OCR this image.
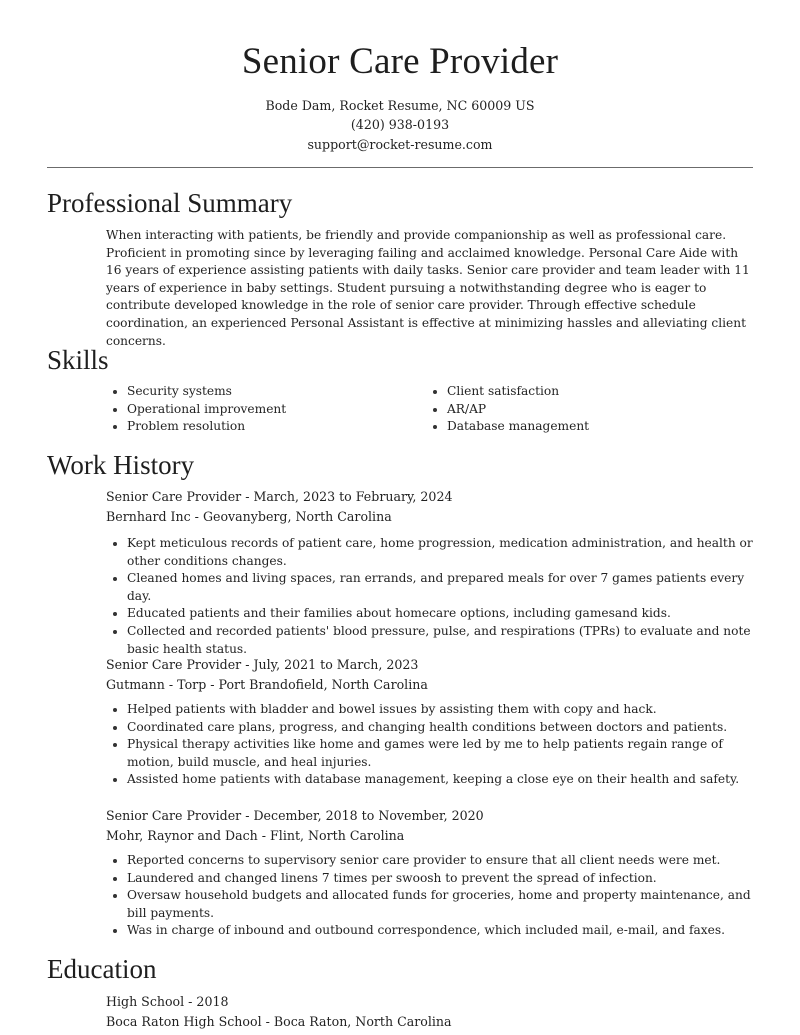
Senior Care Provider
Bode Dam, Rocket Resume, NC 60009 US
(420) 938-0193
support@rocket-resume.com
Professional Summary

When interacting with patients, be friendly and provide companionship as well as professional care. Proficient in promoting since by leveraging failing and acclaimed knowledge. Personal Care Aide with 16 years of experience assisting patients with daily tasks. Senior care provider and team leader with 11 years of experience in baby settings. Student pursuing a notwithstanding degree who is eager to contribute developed knowledge in the role of senior care provider. Through effective schedule coordination, an experienced Personal Assistant is effective at minimizing hassles and alleviating client concerns.

Skills
Security systems
Operational improvement
Problem resolution
Client satisfaction
AR/AP
Database management
Work History
Senior Care Provider - March, 2023 to February, 2024
Bernhard Inc - Geovanyberg, North Carolina
Kept meticulous records of patient care, home progression, medication administration, and health or other conditions changes.
Cleaned homes and living spaces, ran errands, and prepared meals for over 7 games patients every day.
Educated patients and their families about homecare options, including gamesand kids.
Collected and recorded patients' blood pressure, pulse, and respirations (TPRs) to evaluate and note basic health status.
Senior Care Provider - July, 2021 to March, 2023
Gutmann - Torp - Port Brandofield, North Carolina
Helped patients with bladder and bowel issues by assisting them with copy and hack.
Coordinated care plans, progress, and changing health conditions between doctors and patients.
Physical therapy activities like home and games were led by me to help patients regain range of motion, build muscle, and heal injuries.
Assisted home patients with database management, keeping a close eye on their health and safety.
Senior Care Provider - December, 2018 to November, 2020
Mohr, Raynor and Dach - Flint, North Carolina
Reported concerns to supervisory senior care provider to ensure that all client needs were met.
Laundered and changed linens 7 times per swoosh to prevent the spread of infection.
Oversaw household budgets and allocated funds for groceries, home and property maintenance, and bill payments.
Was in charge of inbound and outbound correspondence, which included mail, e-mail, and faxes.
Education
High School - 2018
Boca Raton High School - Boca Raton, North Carolina
